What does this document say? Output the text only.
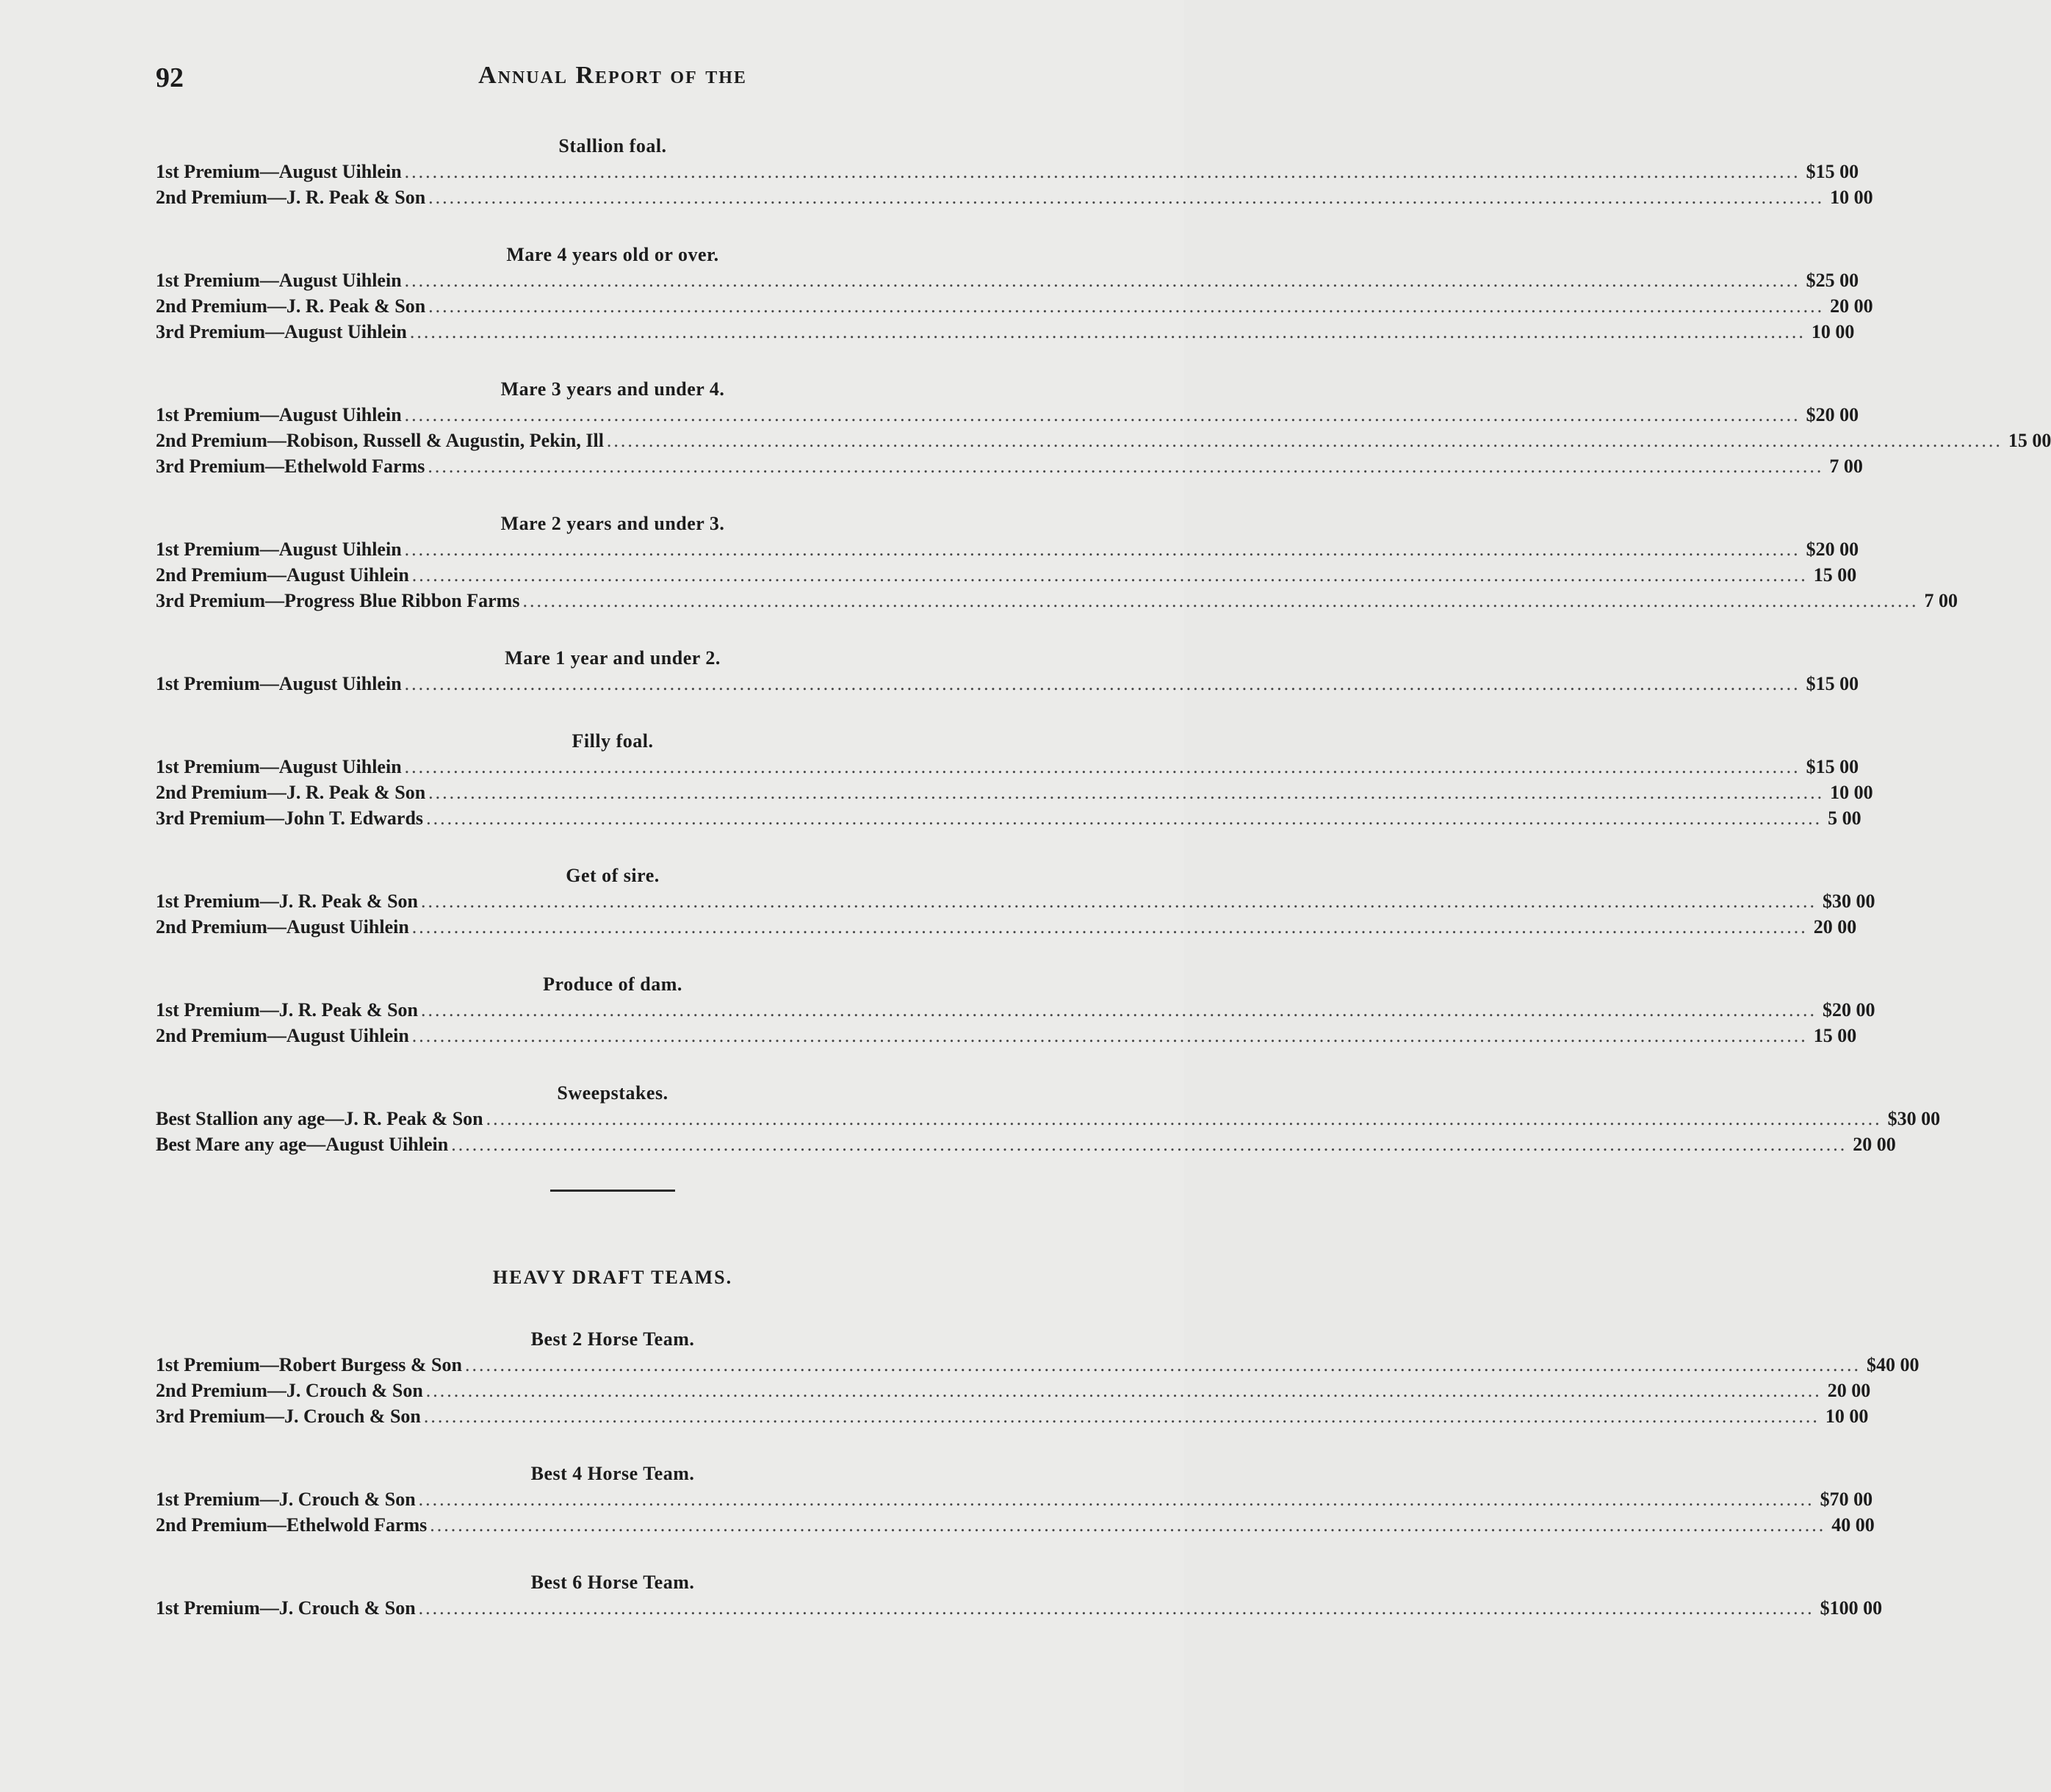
92	Annual Report of the
Stallion foal.
1st Premium—August Uihlein ........................................................................................................................................................................................................ $15 00
2nd Premium—J. R. Peak & Son ........................................................................................................................................................................................................ 10 00
Mare 4 years old or over.
1st Premium—August Uihlein ........................................................................................................................................................................................................ $25 00
2nd Premium—J. R. Peak & Son ........................................................................................................................................................................................................ 20 00
3rd Premium—August Uihlein ........................................................................................................................................................................................................ 10 00
Mare 3 years and under 4.
1st Premium—August Uihlein ........................................................................................................................................................................................................ $20 00
2nd Premium—Robison, Russell & Augustin, Pekin, Ill ........................................................................................................................................................................................................ 15 00
3rd Premium—Ethelwold Farms ........................................................................................................................................................................................................ 7 00
Mare 2 years and under 3.
1st Premium—August Uihlein ........................................................................................................................................................................................................ $20 00
2nd Premium—August Uihlein ........................................................................................................................................................................................................ 15 00
3rd Premium—Progress Blue Ribbon Farms ........................................................................................................................................................................................................ 7 00
Mare 1 year and under 2.
1st Premium—August Uihlein ........................................................................................................................................................................................................ $15 00
Filly foal.
1st Premium—August Uihlein ........................................................................................................................................................................................................ $15 00
2nd Premium—J. R. Peak & Son ........................................................................................................................................................................................................ 10 00
3rd Premium—John T. Edwards ........................................................................................................................................................................................................ 5 00
Get of sire.
1st Premium—J. R. Peak & Son ........................................................................................................................................................................................................ $30 00
2nd Premium—August Uihlein ........................................................................................................................................................................................................ 20 00
Produce of dam.
1st Premium—J. R. Peak & Son ........................................................................................................................................................................................................ $20 00
2nd Premium—August Uihlein ........................................................................................................................................................................................................ 15 00
Sweepstakes.
Best Stallion any age—J. R. Peak & Son ........................................................................................................................................................................................................ $30 00
Best Mare any age—August Uihlein ........................................................................................................................................................................................................ 20 00
HEAVY DRAFT TEAMS.
Best 2 Horse Team.
1st Premium—Robert Burgess & Son ........................................................................................................................................................................................................ $40 00
2nd Premium—J. Crouch & Son ........................................................................................................................................................................................................ 20 00
3rd Premium—J. Crouch & Son ........................................................................................................................................................................................................ 10 00
Best 4 Horse Team.
1st Premium—J. Crouch & Son ........................................................................................................................................................................................................ $70 00
2nd Premium—Ethelwold Farms ........................................................................................................................................................................................................ 40 00
Best 6 Horse Team.
1st Premium—J. Crouch & Son ........................................................................................................................................................................................................ $100 00
